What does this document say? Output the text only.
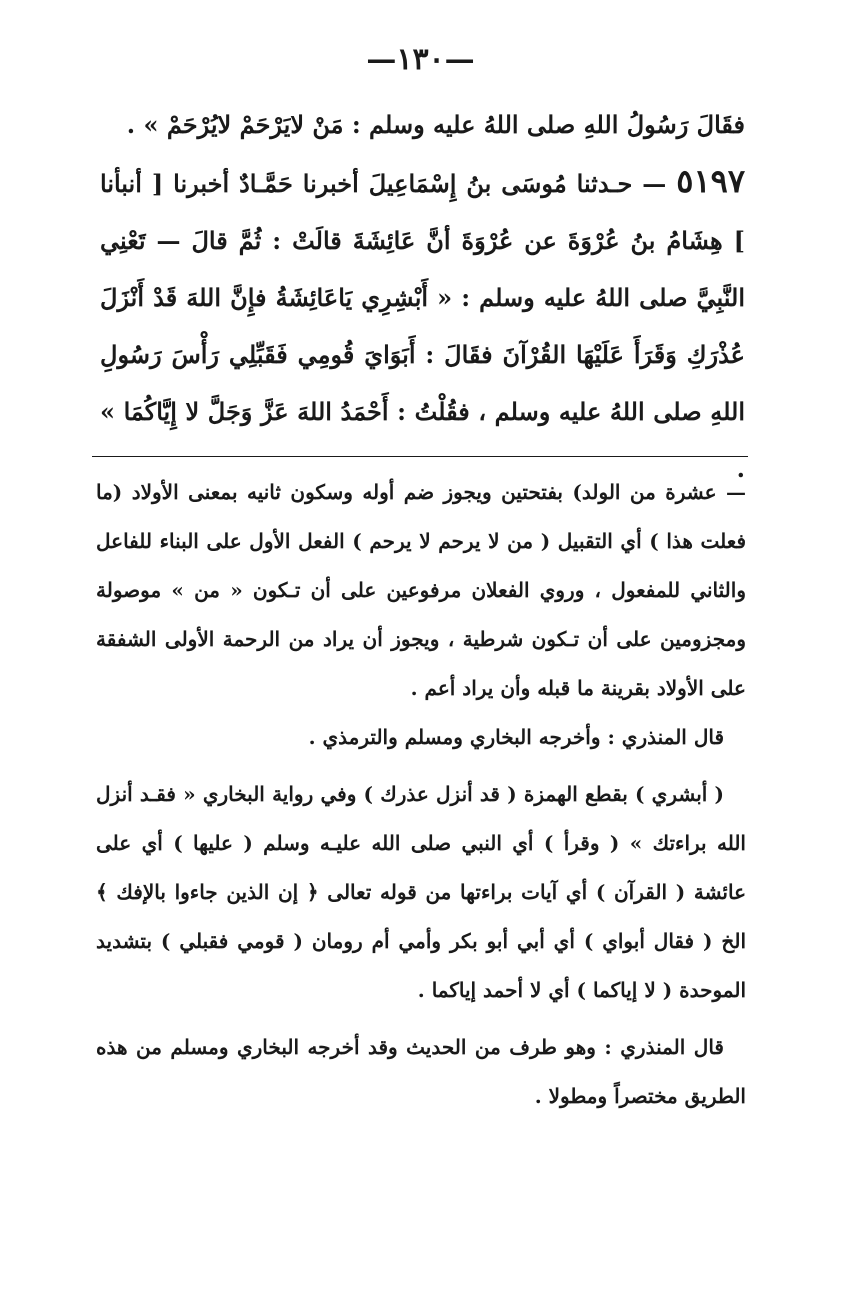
—١٣٠—

فقَالَ رَسُولُ اللهِ صلى اللهُ عليه وسلم : مَنْ لايَرْحَمْ لايُرْحَمْ » .

٥١٩٧ — حـدثنا مُوسَى بنُ إِسْمَاعِيلَ أخبرنا حَمَّـادٌ أخبرنا [ أنبأنا ] هِشَامُ بنُ عُرْوَةَ عن عُرْوَةَ أنَّ عَائِشَةَ قالَتْ : ثُمَّ قالَ — تَعْنِي النَّبِيَّ صلى اللهُ عليه وسلم : « أَبْشِرِي يَاعَائِشَةُ فإِنَّ اللهَ قَدْ أَنْزَلَ عُذْرَكِ وَقَرَأَ عَلَيْهَا القُرْآنَ فقَالَ : أَبَوَايَ قُومِي فَقَبِّلِي رَأْسَ رَسُولِ اللهِ صلى اللهُ عليه وسلم ، فقُلْتُ : أَحْمَدُ اللهَ عَزَّ وَجَلَّ لا إِيَّاكُمَا » .

— عشرة من الولد) بفتحتين ويجوز ضم أوله وسكون ثانيه بمعنى الأولاد (ما فعلت هذا ) أي التقبيل ( من لا يرحم لا يرحم ) الفعل الأول على البناء للفاعل والثاني للمفعول ، وروي الفعلان مرفوعين على أن تـكون « من » موصولة ومجزومين على أن تـكون شرطية ، ويجوز أن يراد من الرحمة الأولى الشفقة على الأولاد بقرينة ما قبله وأن يراد أعم .

قال المنذري : وأخرجه البخاري ومسلم والترمذي .

( أبشري ) بقطع الهمزة ( قد أنزل عذرك ) وفي رواية البخاري « فقـد أنزل الله براءتك » ( وقرأ ) أي النبي صلى الله عليـه وسلم ( عليها ) أي على عائشة ( القرآن ) أي آيات براءتها من قوله تعالى ﴿ إن الذين جاءوا بالإفك ﴾ الخ ( فقال أبواي ) أي أبي أبو بكر وأمي أم رومان ( قومي فقبلي ) بتشديد الموحدة ( لا إياكما ) أي لا أحمد إياكما .

قال المنذري : وهو طرف من الحديث وقد أخرجه البخاري ومسلم من هذه الطريق مختصراً ومطولا .
